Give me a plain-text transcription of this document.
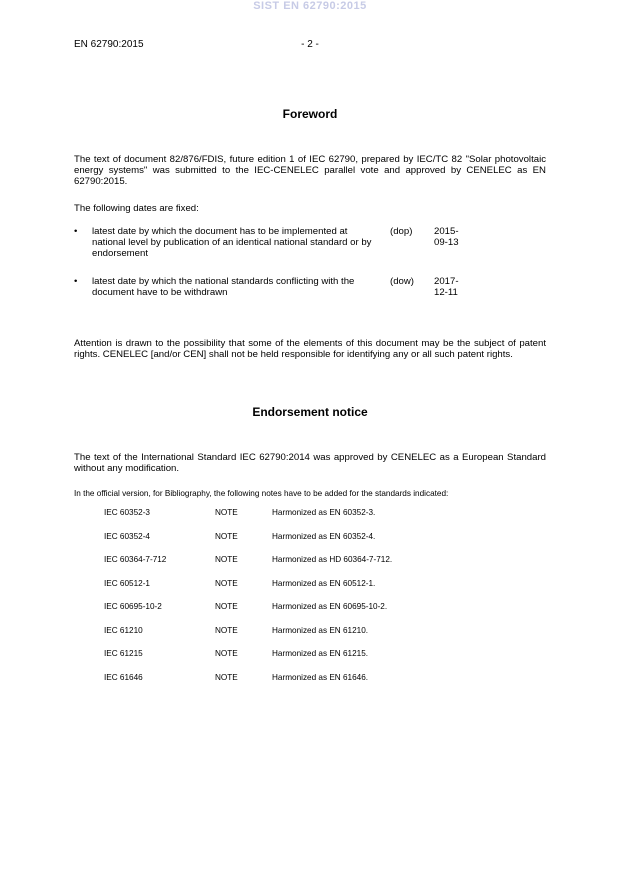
SIST EN 62790:2015
EN 62790:2015	- 2 -
Foreword
The text of document 82/876/FDIS, future edition 1 of IEC 62790, prepared by IEC/TC 82 "Solar photovoltaic energy systems" was submitted to the IEC-CENELEC parallel vote and approved by CENELEC as EN 62790:2015.
The following dates are fixed:
• latest date by which the document has to be implemented at national level by publication of an identical national standard or by endorsement
(dop) 2015-09-13
• latest date by which the national standards conflicting with the document have to be withdrawn
(dow) 2017-12-11
Attention is drawn to the possibility that some of the elements of this document may be the subject of patent rights. CENELEC [and/or CEN] shall not be held responsible for identifying any or all such patent rights.
Endorsement notice
The text of the International Standard IEC 62790:2014 was approved by CENELEC as a European Standard without any modification.
In the official version, for Bibliography, the following notes have to be added for the standards indicated:
IEC 60352-3	NOTE	Harmonized as EN 60352-3.
IEC 60352-4	NOTE	Harmonized as EN 60352-4.
IEC 60364-7-712	NOTE	Harmonized as HD 60364-7-712.
IEC 60512-1	NOTE	Harmonized as EN 60512-1.
IEC 60695-10-2	NOTE	Harmonized as EN 60695-10-2.
IEC 61210	NOTE	Harmonized as EN 61210.
IEC 61215	NOTE	Harmonized as EN 61215.
IEC 61646	NOTE	Harmonized as EN 61646.
